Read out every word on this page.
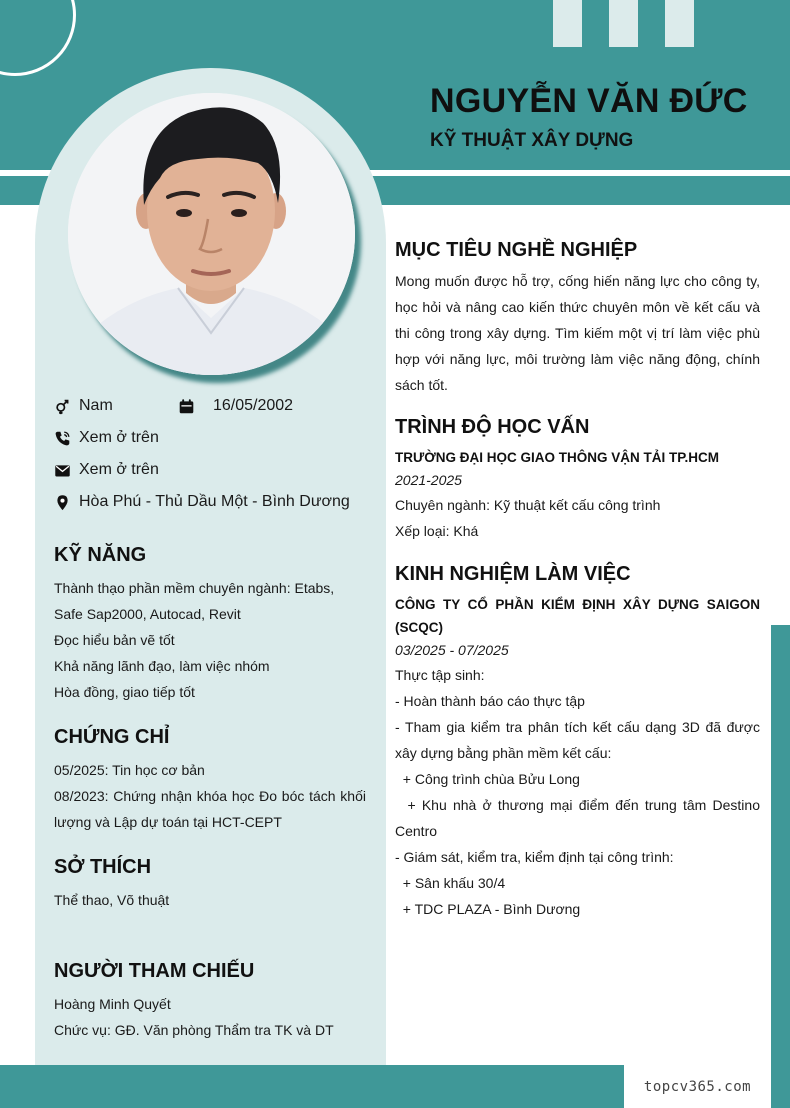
NGUYỄN VĂN ĐỨC
KỸ THUẬT XÂY DỰNG
Nam	16/05/2002
Xem ở trên
Xem ở trên
Hòa Phú - Thủ Dầu Một - Bình Dương
KỸ NĂNG
Thành thạo phần mềm chuyên ngành: Etabs, Safe Sap2000, Autocad, Revit
Đọc hiểu bản vẽ tốt
Khả năng lãnh đạo, làm việc nhóm
Hòa đồng, giao tiếp tốt
CHỨNG CHỈ
05/2025: Tin học cơ bản
08/2023: Chứng nhận khóa học Đo bóc tách khối lượng và Lập dự toán tại HCT-CEPT
SỞ THÍCH
Thể thao, Võ thuật
NGƯỜI THAM CHIẾU
Hoàng Minh Quyết
Chức vụ: GĐ. Văn phòng Thẩm tra TK và DT
MỤC TIÊU NGHỀ NGHIỆP
Mong muốn được hỗ trợ, cống hiến năng lực cho công ty, học hỏi và nâng cao kiến thức chuyên môn về kết cấu và thi công trong xây dựng. Tìm kiếm một vị trí làm việc phù hợp với năng lực, môi trường làm việc năng động, chính sách tốt.
TRÌNH ĐỘ HỌC VẤN
TRƯỜNG ĐẠI HỌC GIAO THÔNG VẬN TẢI TP.HCM
2021-2025
Chuyên ngành: Kỹ thuật kết cấu công trình
Xếp loại: Khá
KINH NGHIỆM LÀM VIỆC
CÔNG TY CỔ PHẦN KIỂM ĐỊNH XÂY DỰNG SAIGON (SCQC)
03/2025 - 07/2025
Thực tập sinh:
- Hoàn thành báo cáo thực tập
- Tham gia kiểm tra phân tích kết cấu dạng 3D đã được xây dựng bằng phần mềm kết cấu:
+ Công trình chùa Bửu Long
+ Khu nhà ở thương mại điểm đến trung tâm Destino Centro
- Giám sát, kiểm tra, kiểm định tại công trình:
+ Sân khấu 30/4
+ TDC PLAZA - Bình Dương
topcv365.com
